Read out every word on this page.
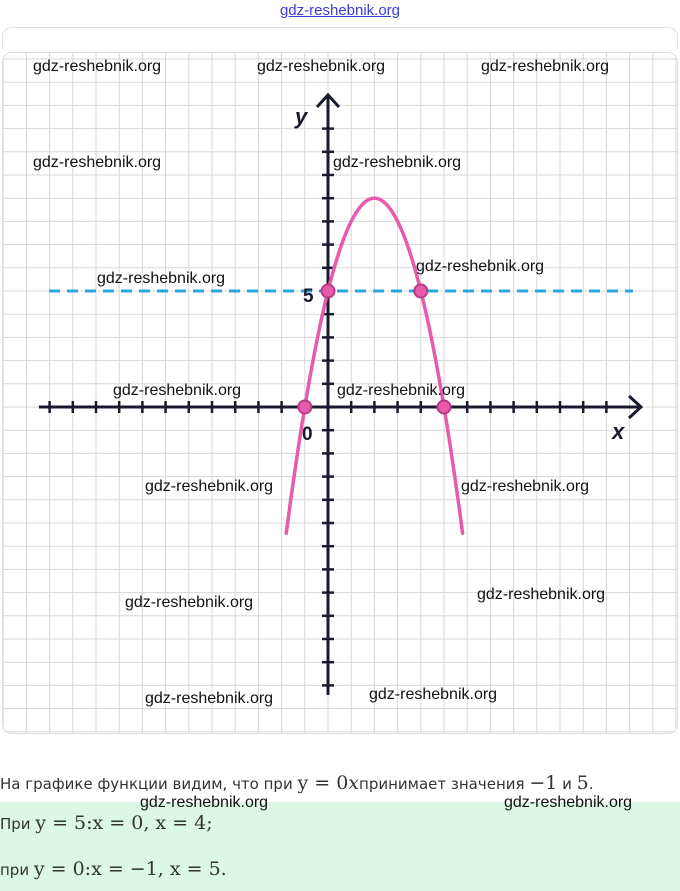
gdz-reshebnik.org
y
x
0
5
gdz-reshebnik.org	gdz-reshebnik.org	gdz-reshebnik.org
gdz-reshebnik.org	gdz-reshebnik.org
gdz-reshebnik.org
gdz-reshebnik.org
gdz-reshebnik.org	gdz-reshebnik.org
gdz-reshebnik.org	gdz-reshebnik.org
gdz-reshebnik.org	gdz-reshebnik.org
gdz-reshebnik.org	gdz-reshebnik.org
На графике функции видим, что при y = 0xпринимает значения −1 и 5.
При y = 5:x = 0, x = 4;
при y = 0:x = −1, x = 5.
gdz-reshebnik.org	gdz-reshebnik.org
